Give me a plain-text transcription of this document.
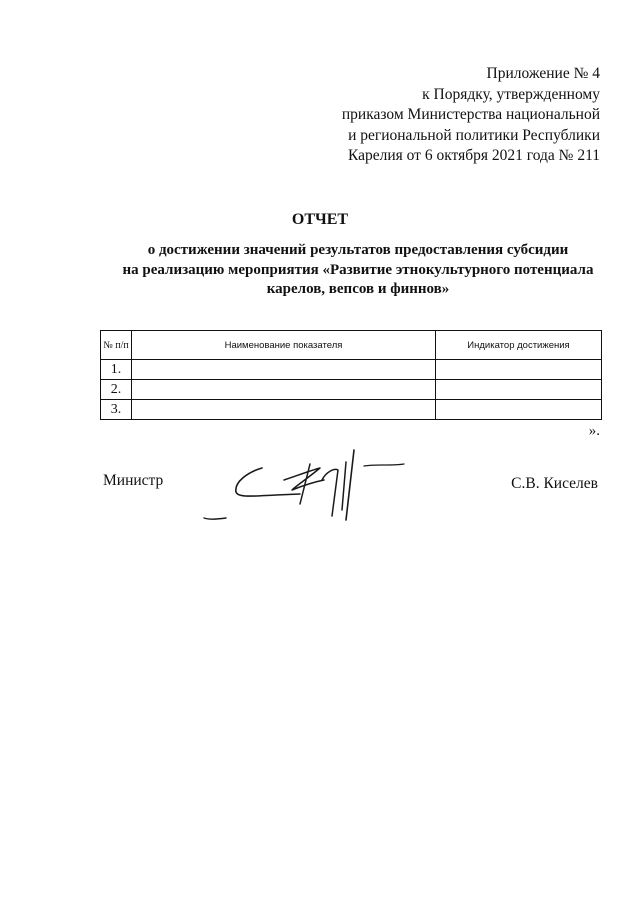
Приложение № 4
к Порядку, утвержденному
приказом Министерства национальной
и региональной политики Республики
Карелия от 6 октября 2021 года № 211
ОТЧЕТ
о достижении значений результатов предоставления субсидии
на реализацию мероприятия «Развитие этнокультурного потенциала
карелов, вепсов и финнов»
№ п/п	Наименование показателя	Индикатор достижения
1.		
2.		
3.		
».
Министр	С.В. Киселев
